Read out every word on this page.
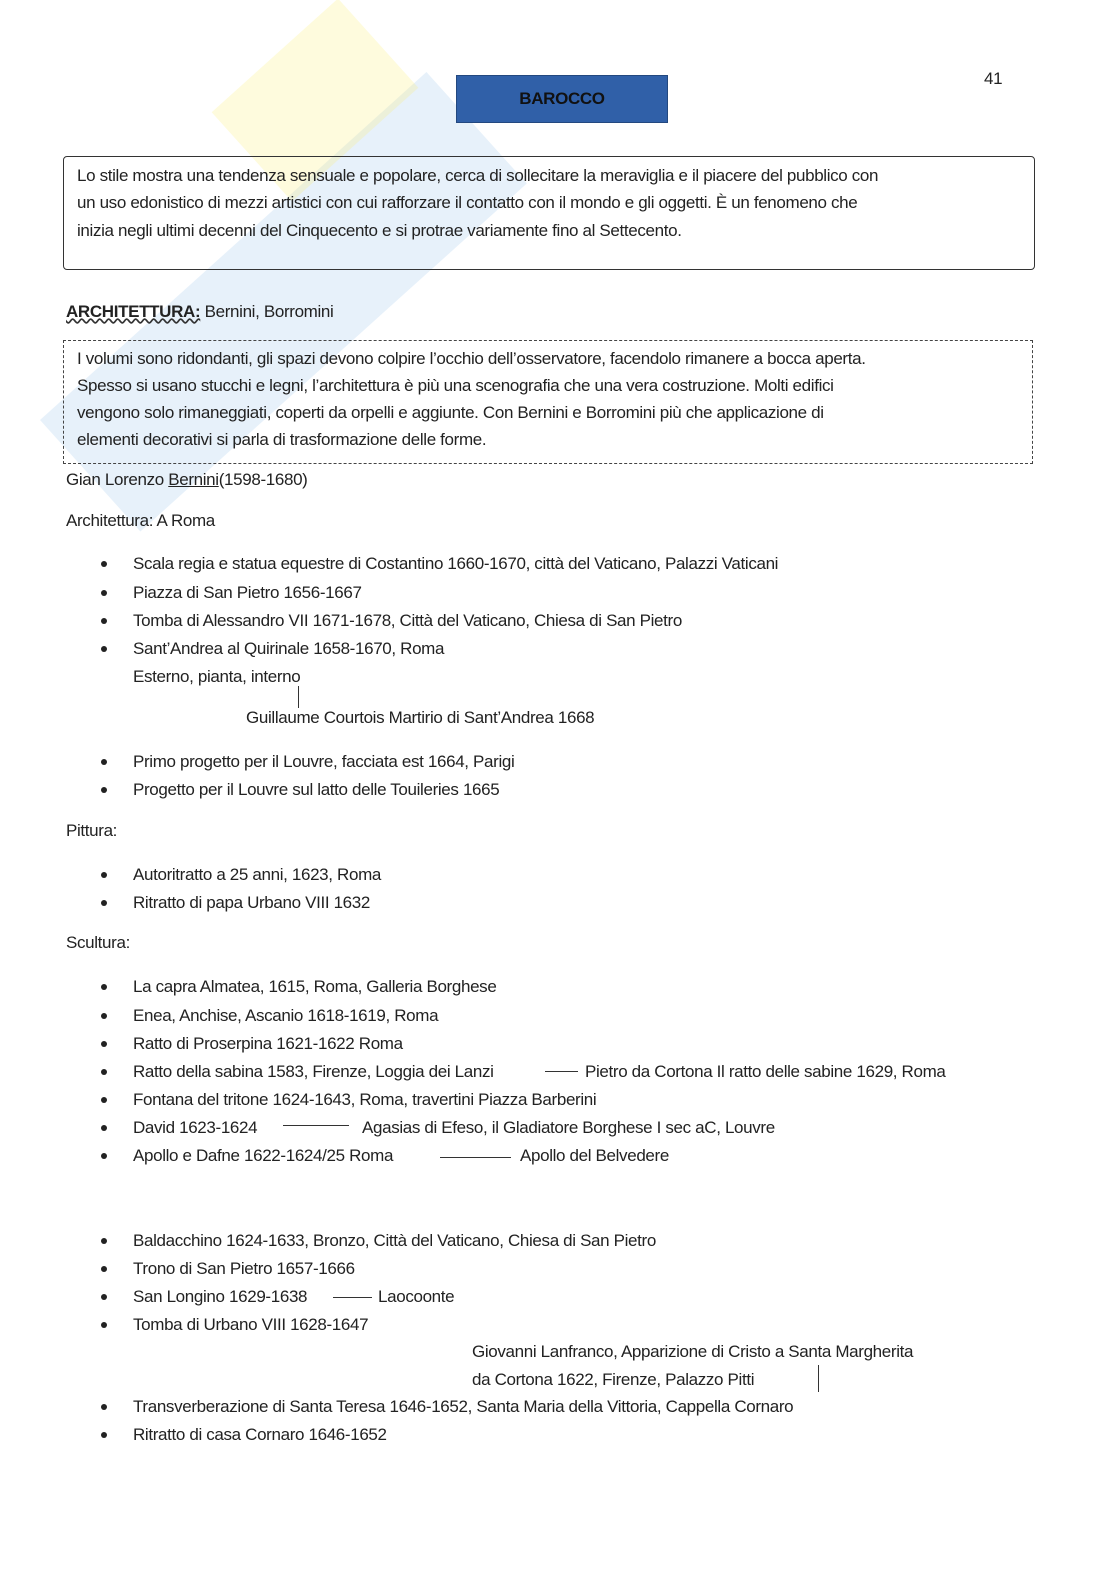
41
BAROCCO
Lo stile mostra una tendenza sensuale e popolare, cerca di sollecitare la meraviglia e il piacere del pubblico con
un uso edonistico di mezzi artistici con cui rafforzare il contatto con il mondo e gli oggetti. È un fenomeno che
inizia negli ultimi decenni del Cinquecento e si protrae variamente fino al Settecento.
ARCHITETTURA: Bernini, Borromini
I volumi sono ridondanti, gli spazi devono colpire l’occhio dell’osservatore, facendolo rimanere a bocca aperta.
Spesso si usano stucchi e legni, l’architettura è più una scenografia che una vera costruzione. Molti edifici
vengono solo rimaneggiati, coperti da orpelli e aggiunte. Con Bernini e Borromini più che applicazione di
elementi decorativi si parla di trasformazione delle forme.
Gian Lorenzo Bernini(1598-1680)
Architettura: A Roma
Scala regia e statua equestre di Costantino 1660-1670, città del Vaticano, Palazzi Vaticani
Piazza di San Pietro 1656-1667
Tomba di Alessandro VII 1671-1678, Città del Vaticano, Chiesa di San Pietro
Sant’Andrea al Quirinale 1658-1670, Roma
Esterno, pianta, interno
Guillaume Courtois Martirio di Sant’Andrea 1668
Primo progetto per il Louvre, facciata est 1664, Parigi
Progetto per il Louvre sul latto delle Touileries 1665
Pittura:
Autoritratto a 25 anni, 1623, Roma
Ritratto di papa Urbano VIII 1632
Scultura:
La capra Almatea, 1615, Roma, Galleria Borghese
Enea, Anchise, Ascanio 1618-1619, Roma
Ratto di Proserpina 1621-1622 Roma
Ratto della sabina 1583, Firenze, Loggia dei Lanzi	Pietro da Cortona Il ratto delle sabine 1629, Roma
Fontana del tritone 1624-1643, Roma, travertini Piazza Barberini
David 1623-1624	Agasias di Efeso, il Gladiatore Borghese I sec aC, Louvre
Apollo e Dafne 1622-1624/25 Roma	Apollo del Belvedere
Baldacchino 1624-1633, Bronzo, Città del Vaticano, Chiesa di San Pietro
Trono di San Pietro 1657-1666
San Longino 1629-1638	Laocoonte
Tomba di Urbano VIII 1628-1647
Giovanni Lanfranco, Apparizione di Cristo a Santa Margherita
da Cortona 1622, Firenze, Palazzo Pitti
Transverberazione di Santa Teresa 1646-1652, Santa Maria della Vittoria, Cappella Cornaro
Ritratto di casa Cornaro 1646-1652
